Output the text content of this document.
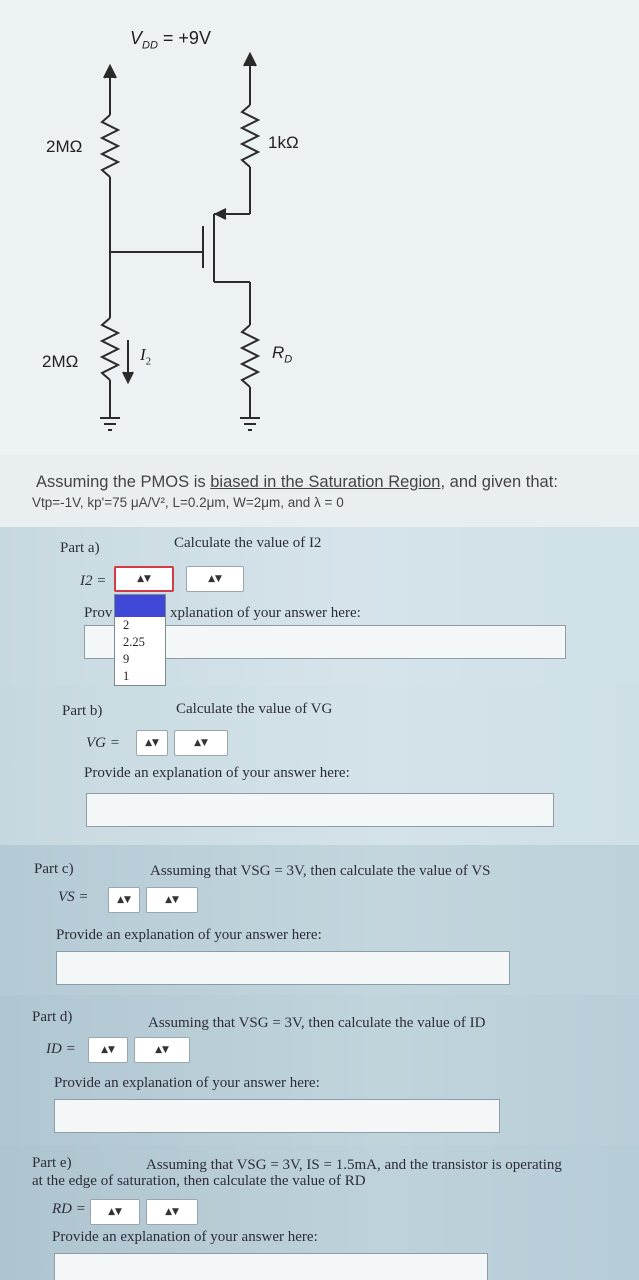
$V_{DD} = +9V$
2MΩ
2MΩ
1kΩ
$R_D$
$I_2$
Assuming the PMOS is biased in the Saturation Region, and given that:
Vtp=-1V, kp'=75 μA/V², L=0.2μm, W=2μm, and λ = 0
Part a)	Calculate the value of I2
I2 =	▲▼	▲▼
Prov	xplanation of your answer here:
2
2.25
9
1
Part b)	Calculate the value of VG
VG =	▲▼	▲▼
Provide an explanation of your answer here:
Part c)	Assuming that VSG = 3V, then calculate the value of VS
VS =	▲▼	▲▼
Provide an explanation of your answer here:
Part d)	Assuming that VSG = 3V, then calculate the value of ID
ID =	▲▼	▲▼
Provide an explanation of your answer here:
Part e)	Assuming that VSG = 3V, IS = 1.5mA, and the transistor is operating
at the edge of saturation, then calculate the value of RD
RD = ▲▼	▲▼
Provide an explanation of your answer here:
